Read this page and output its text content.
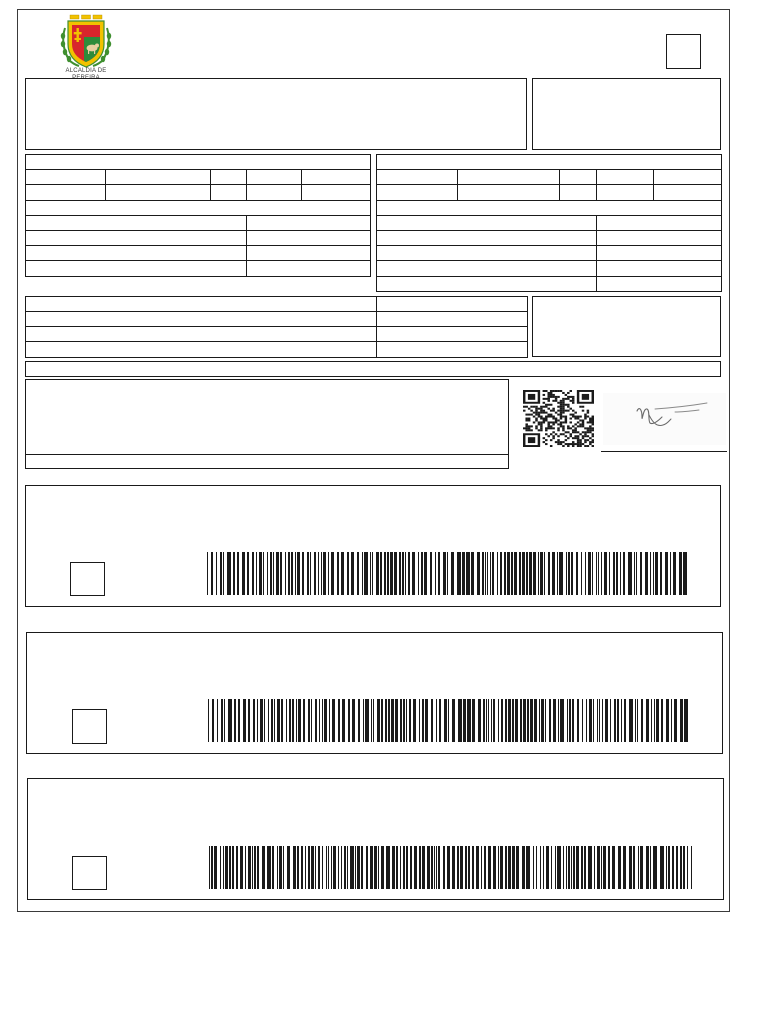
ALCALDIA DE
